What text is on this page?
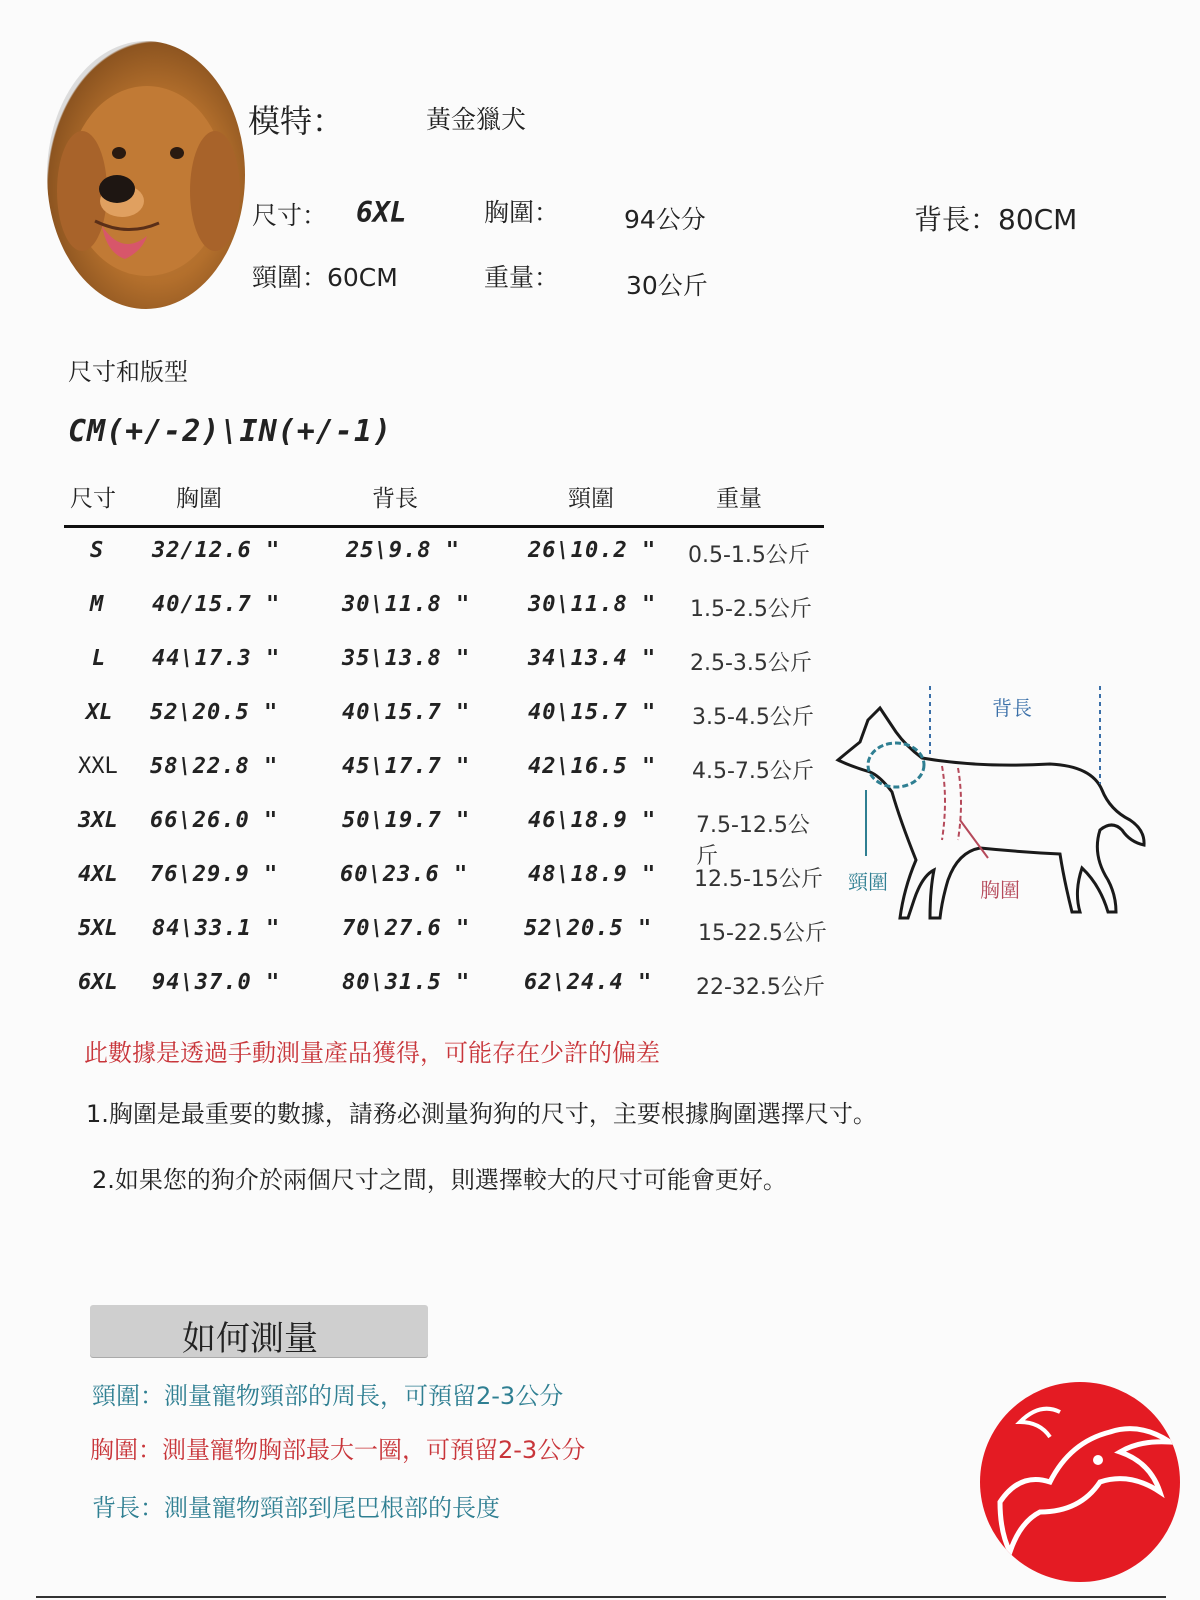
模特：	黃金獵犬
尺寸： 6XL	胸圍：	94公分	背長：80CM
頸圍：60CM	重量：	30公斤
尺寸和版型
CM(+/-2)\IN(+/-1)
尺寸	胸圍	背長	頸圍	重量
S 32/12.6 "	25\9.8 "	26\10.2 " 0.5-1.5公斤
M 40/15.7 "	30\11.8 "	30\11.8 " 1.5-2.5公斤
L 44\17.3 "	35\13.8 "	34\13.4 " 2.5-3.5公斤
XL 52\20.5 "	40\15.7 "	40\15.7 " 3.5-4.5公斤
XXL 58\22.8 "	45\17.7 "	42\16.5 " 4.5-7.5公斤
3XL 66\26.0 "	50\19.7 "	46\18.9 " 7.5-12.5公斤
4XL 76\29.9 "	60\23.6 "	48\18.9 " 12.5-15公斤
5XL 84\33.1 "	70\27.6 " 52\20.5 " 15-22.5公斤
6XL 94\37.0 "	80\31.5 " 62\24.4 " 22-32.5公斤
背長
頸圍	胸圍
此數據是透過手動測量產品獲得，可能存在少許的偏差
1.胸圍是最重要的數據，請務必測量狗狗的尺寸，主要根據胸圍選擇尺寸。
2.如果您的狗介於兩個尺寸之間，則選擇較大的尺寸可能會更好。
如何測量
頸圍：測量寵物頸部的周長，可預留2-3公分
胸圍：測量寵物胸部最大一圈，可預留2-3公分
背長：測量寵物頸部到尾巴根部的長度
